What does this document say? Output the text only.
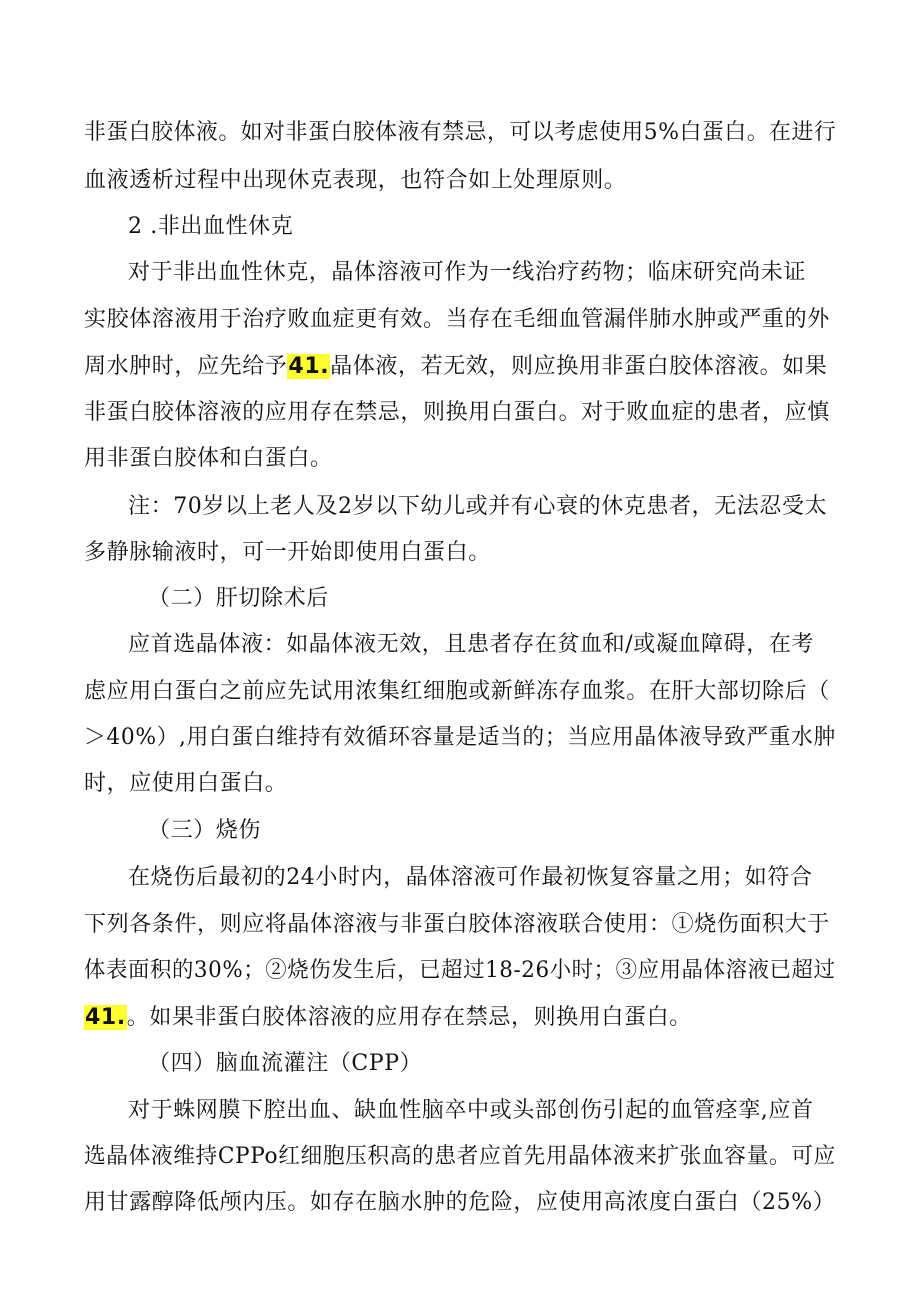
非蛋白胶体液。如对非蛋白胶体液有禁忌，可以考虑使用5%白蛋白。在进行
血液透析过程中出现休克表现，也符合如上处理原则。
2 .非出血性休克
对于非出血性休克，晶体溶液可作为一线治疗药物；临床研究尚未证
实胶体溶液用于治疗败血症更有效。当存在毛细血管漏伴肺水肿或严重的外
周水肿时，应先给予41.晶体液，若无效，则应换用非蛋白胶体溶液。如果
非蛋白胶体溶液的应用存在禁忌，则换用白蛋白。对于败血症的患者，应慎
用非蛋白胶体和白蛋白。
注：70岁以上老人及2岁以下幼儿或并有心衰的休克患者，无法忍受太
多静脉输液时，可一开始即使用白蛋白。
（二）肝切除术后
应首选晶体液：如晶体液无效，且患者存在贫血和/或凝血障碍，在考
虑应用白蛋白之前应先试用浓集红细胞或新鲜冻存血浆。在肝大部切除后（
＞40%）,用白蛋白维持有效循环容量是适当的；当应用晶体液导致严重水肿
时，应使用白蛋白。
（三）烧伤
在烧伤后最初的24小时内，晶体溶液可作最初恢复容量之用；如符合
下列各条件，则应将晶体溶液与非蛋白胶体溶液联合使用：①烧伤面积大于
体表面积的30%；②烧伤发生后，已超过18-26小时；③应用晶体溶液已超过
41.。如果非蛋白胶体溶液的应用存在禁忌，则换用白蛋白。
（四）脑血流灌注（CPP）
对于蛛网膜下腔出血、缺血性脑卒中或头部创伤引起的血管痉挛,应首
选晶体液维持CPPo红细胞压积高的患者应首先用晶体液来扩张血容量。可应
用甘露醇降低颅内压。如存在脑水肿的危险，应使用高浓度白蛋白（25%）
